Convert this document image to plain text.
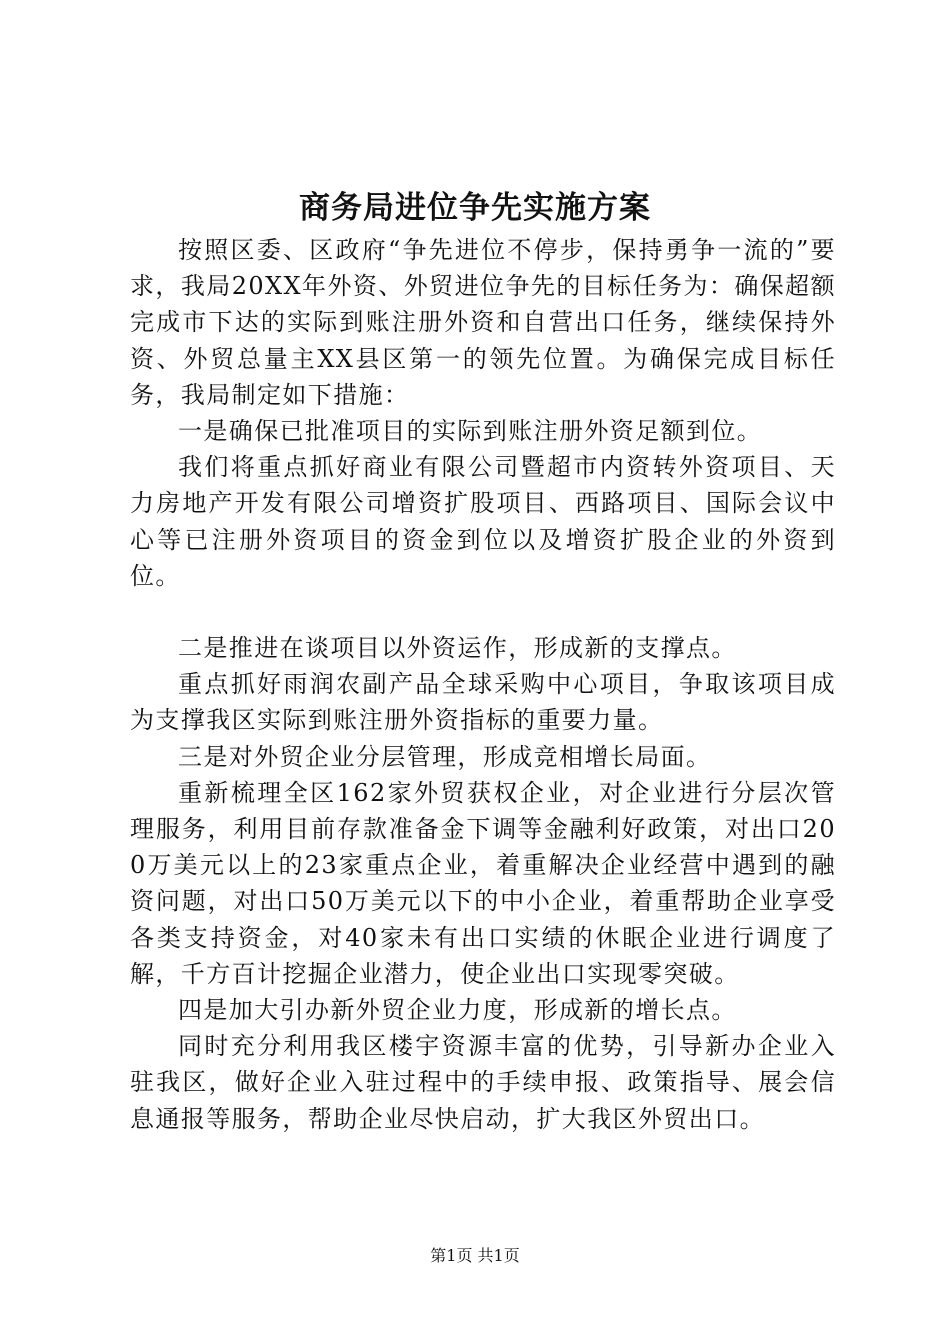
商务局进位争先实施方案

按照区委、区政府“争先进位不停步，保持勇争一流的”要求，我局20XX年外资、外贸进位争先的目标任务为：确保超额完成市下达的实际到账注册外资和自营出口任务，继续保持外资、外贸总量主XX县区第一的领先位置。为确保完成目标任务，我局制定如下措施：

一是确保已批准项目的实际到账注册外资足额到位。

我们将重点抓好商业有限公司暨超市内资转外资项目、天力房地产开发有限公司增资扩股项目、西路项目、国际会议中心等已注册外资项目的资金到位以及增资扩股企业的外资到位。

二是推进在谈项目以外资运作，形成新的支撑点。

重点抓好雨润农副产品全球采购中心项目，争取该项目成为支撑我区实际到账注册外资指标的重要力量。

三是对外贸企业分层管理，形成竞相增长局面。

重新梳理全区162家外贸获权企业，对企业进行分层次管理服务，利用目前存款准备金下调等金融利好政策，对出口200万美元以上的23家重点企业，着重解决企业经营中遇到的融资问题，对出口50万美元以下的中小企业，着重帮助企业享受各类支持资金，对40家未有出口实绩的休眠企业进行调度了解，千方百计挖掘企业潜力，使企业出口实现零突破。

四是加大引办新外贸企业力度，形成新的增长点。

同时充分利用我区楼宇资源丰富的优势，引导新办企业入驻我区，做好企业入驻过程中的手续申报、政策指导、展会信息通报等服务，帮助企业尽快启动，扩大我区外贸出口。

第1页 共1页
